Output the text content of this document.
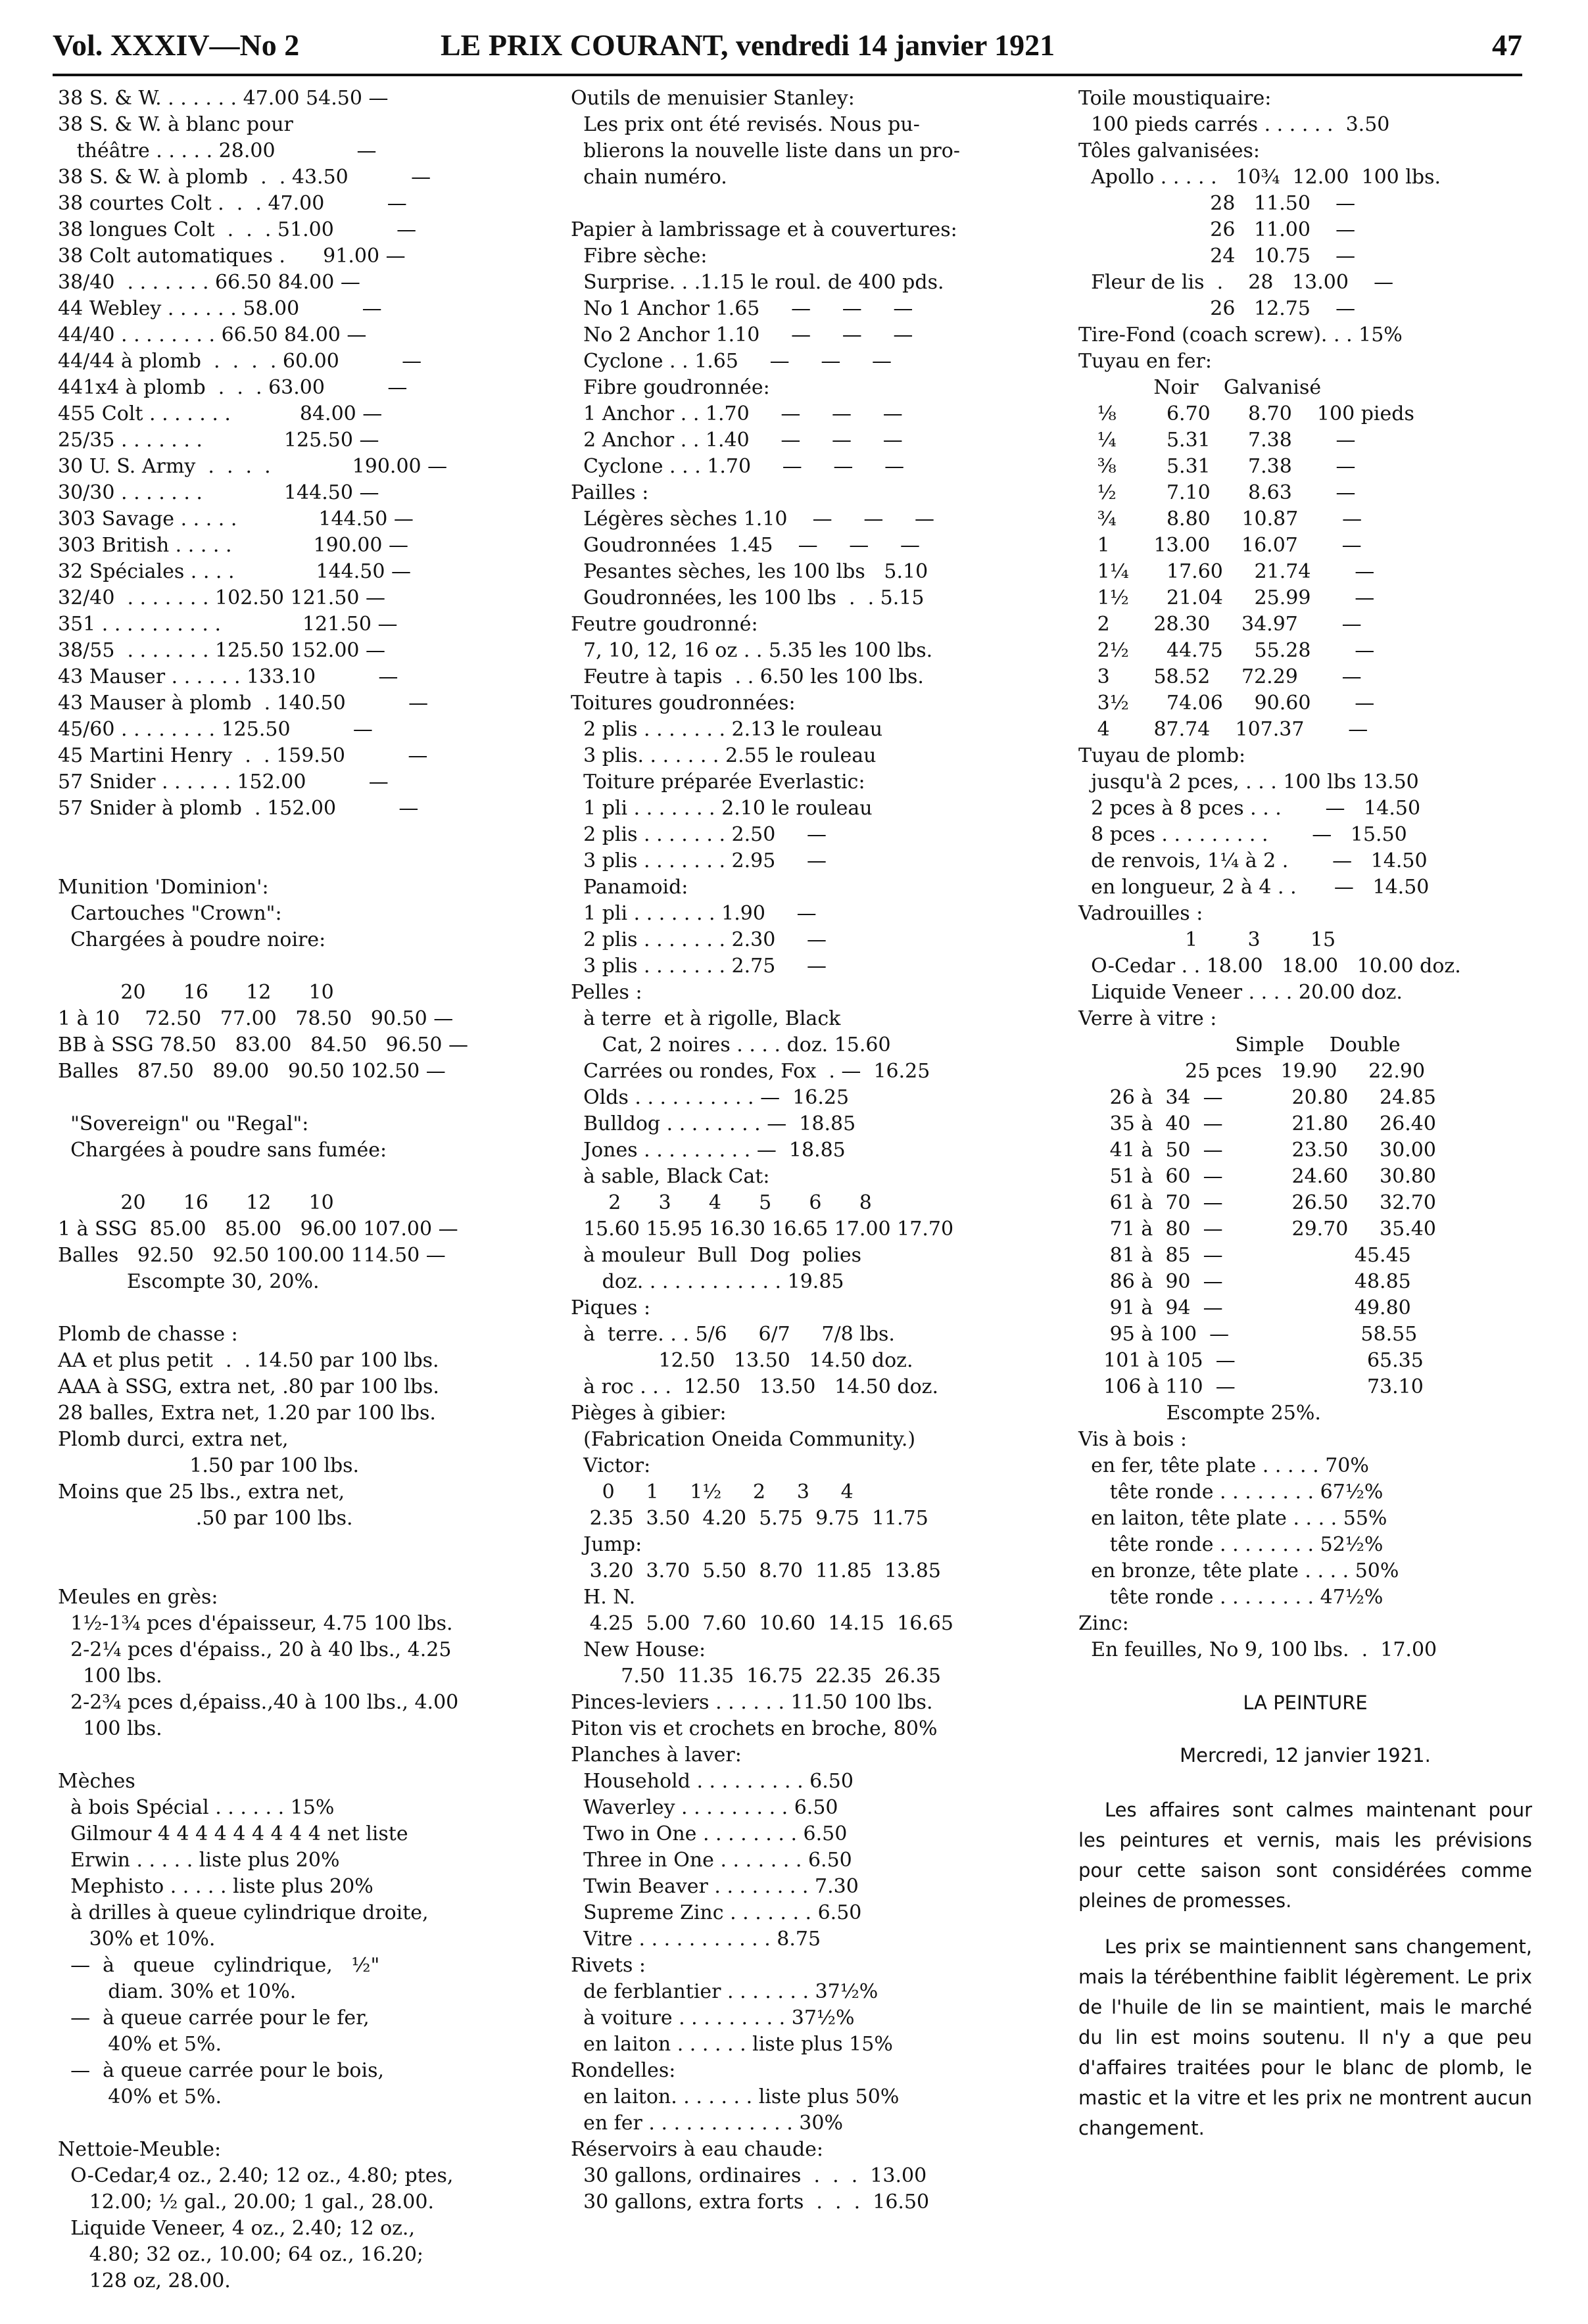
Vol. XXXIV—No 2	LE PRIX COURANT, vendredi 14 janvier 1921	47
38 S. & W. . . . . . . 47.00 54.50 —
38 S. & W. à blanc pour
théâtre . . . . . 28.00             —
38 S. & W. à plomb  .  . 43.50          —
38 courtes Colt .  .  . 47.00          —
38 longues Colt  .  .  . 51.00          —
38 Colt automatiques .      91.00 —
38/40  . . . . . . . 66.50 84.00 —
44 Webley . . . . . . 58.00          —
44/40 . . . . . . . . 66.50 84.00 —
44/44 à plomb  .  .  .  . 60.00          —
441x4 à plomb  .  .  . 63.00          —
455 Colt . . . . . . .           84.00 —
25/35 . . . . . . .             125.50 —
30 U. S. Army  .  .  .  .             190.00 —
30/30 . . . . . . .             144.50 —
303 Savage . . . . .             144.50 —
303 British . . . . .             190.00 —
32 Spéciales . . . .             144.50 —
32/40  . . . . . . . 102.50 121.50 —
351 . . . . . . . . . .             121.50 —
38/55  . . . . . . . 125.50 152.00 —
43 Mauser . . . . . . 133.10          —
43 Mauser à plomb  . 140.50          —
45/60 . . . . . . . . 125.50          —
45 Martini Henry  .  . 159.50          —
57 Snider . . . . . . 152.00          —
57 Snider à plomb  . 152.00          —
Munition 'Dominion':
Cartouches "Crown":
Chargées à poudre noire:
20      16      12      10
1 à 10    72.50   77.00   78.50   90.50 —
BB à SSG 78.50   83.00   84.50   96.50 —
Balles   87.50   89.00   90.50 102.50 —
"Sovereign" ou "Regal":
Chargées à poudre sans fumée:
20      16      12      10
1 à SSG  85.00   85.00   96.00 107.00 —
Balles   92.50   92.50 100.00 114.50 —
Escompte 30, 20%.
Plomb de chasse :
AA et plus petit  .  . 14.50 par 100 lbs.
AAA à SSG, extra net, .80 par 100 lbs.
28 balles, Extra net, 1.20 par 100 lbs.
Plomb durci, extra net,
1.50 par 100 lbs.
Moins que 25 lbs., extra net,
.50 par 100 lbs.
Meules en grès:
1½-1¾ pces d'épaisseur, 4.75 100 lbs.
2-2¼ pces d'épaiss., 20 à 40 lbs., 4.25
100 lbs.
2-2¾ pces d,épaiss.,40 à 100 lbs., 4.00
100 lbs.
Mèches
à bois Spécial . . . . . . 15%
Gilmour 4 4 4 4 4 4 4 4 4 net liste
Erwin . . . . . liste plus 20%
Mephisto . . . . . liste plus 20%
à drilles à queue cylindrique droite,
30% et 10%.
—  à   queue   cylindrique,   ½"
diam. 30% et 10%.
—  à queue carrée pour le fer,
40% et 5%.
—  à queue carrée pour le bois,
40% et 5%.
Nettoie-Meuble:
O-Cedar,4 oz., 2.40; 12 oz., 4.80; ptes,
12.00; ½ gal., 20.00; 1 gal., 28.00.
Liquide Veneer, 4 oz., 2.40; 12 oz.,
4.80; 32 oz., 10.00; 64 oz., 16.20;
128 oz, 28.00.
Outils de menuisier Stanley:
Les prix ont été revisés. Nous pu-
blierons la nouvelle liste dans un pro-
chain numéro.
Papier à lambrissage et à couvertures:
Fibre sèche:
Surprise. . .1.15 le roul. de 400 pds.
No 1 Anchor 1.65     —     —     —
No 2 Anchor 1.10     —     —     —
Cyclone . . 1.65     —     —     —
Fibre goudronnée:
1 Anchor . . 1.70     —     —     —
2 Anchor . . 1.40     —     —     —
Cyclone . . . 1.70     —     —     —
Pailles :
Légères sèches 1.10    —     —     —
Goudronnées  1.45    —     —     —
Pesantes sèches, les 100 lbs   5.10
Goudronnées, les 100 lbs  .  . 5.15
Feutre goudronné:
7, 10, 12, 16 oz . . 5.35 les 100 lbs.
Feutre à tapis  . . 6.50 les 100 lbs.
Toitures goudronnées:
2 plis . . . . . . . 2.13 le rouleau
3 plis. . . . . . . 2.55 le rouleau
Toiture préparée Everlastic:
1 pli . . . . . . . 2.10 le rouleau
2 plis . . . . . . . 2.50     —
3 plis . . . . . . . 2.95     —
Panamoid:
1 pli . . . . . . . 1.90     —
2 plis . . . . . . . 2.30     —
3 plis . . . . . . . 2.75     —
Pelles :
à terre  et à rigolle, Black
Cat, 2 noires . . . . doz. 15.60
Carrées ou rondes, Fox  . —  16.25
Olds . . . . . . . . . . —  16.25
Bulldog . . . . . . . . —  18.85
Jones . . . . . . . . . —  18.85
à sable, Black Cat:
2      3      4      5      6      8
15.60 15.95 16.30 16.65 17.00 17.70
à mouleur  Bull  Dog  polies
doz. . . . . . . . . . . . 19.85
Piques :
à  terre. . . 5/6     6/7     7/8 lbs.
12.50   13.50   14.50 doz.
à roc . . .  12.50   13.50   14.50 doz.
Pièges à gibier:
(Fabrication Oneida Community.)
Victor:
0     1     1½     2     3     4
2.35  3.50  4.20  5.75  9.75  11.75
Jump:
3.20  3.70  5.50  8.70  11.85  13.85
H. N.
4.25  5.00  7.60  10.60  14.15  16.65
New House:
7.50  11.35  16.75  22.35  26.35
Pinces-leviers . . . . . . 11.50 100 lbs.
Piton vis et crochets en broche, 80%
Planches à laver:
Household . . . . . . . . . 6.50
Waverley . . . . . . . . . 6.50
Two in One . . . . . . . . 6.50
Three in One . . . . . . . 6.50
Twin Beaver . . . . . . . . 7.30
Supreme Zinc . . . . . . . 6.50
Vitre . . . . . . . . . . . 8.75
Rivets :
de ferblantier . . . . . . . 37½%
à voiture . . . . . . . . . 37½%
en laiton . . . . . . liste plus 15%
Rondelles:
en laiton. . . . . . . liste plus 50%
en fer . . . . . . . . . . . . 30%
Réservoirs à eau chaude:
30 gallons, ordinaires  .  .  .  13.00
30 gallons, extra forts  .  .  .  16.50
Toile moustiquaire:
100 pieds carrés . . . . . .  3.50
Tôles galvanisées:
Apollo . . . . .   10¾  12.00  100 lbs.
28   11.50    —
26   11.00    —
24   10.75    —
Fleur de lis  .    28   13.00    —
26   12.75    —
Tire-Fond (coach screw). . . 15%
Tuyau en fer:
Noir    Galvanisé
⅛        6.70      8.70    100 pieds
¼        5.31      7.38       —
⅜        5.31      7.38       —
½        7.10      8.63       —
¾        8.80     10.87       —
1       13.00     16.07       —
1¼      17.60     21.74       —
1½      21.04     25.99       —
2       28.30     34.97       —
2½      44.75     55.28       —
3       58.52     72.29       —
3½      74.06     90.60       —
4       87.74    107.37       —
Tuyau de plomb:
jusqu'à 2 pces, . . . 100 lbs 13.50
2 pces à 8 pces . . .       —   14.50
8 pces . . . . . . . . .       —   15.50
de renvois, 1¼ à 2 .       —   14.50
en longueur, 2 à 4 . .      —   14.50
Vadrouilles :
1        3        15
O-Cedar . . 18.00   18.00   10.00 doz.
Liquide Veneer . . . . 20.00 doz.
Verre à vitre :
Simple    Double
25 pces   19.90     22.90
26 à  34  —           20.80     24.85
35 à  40  —           21.80     26.40
41 à  50  —           23.50     30.00
51 à  60  —           24.60     30.80
61 à  70  —           26.50     32.70
71 à  80  —           29.70     35.40
81 à  85  —                     45.45
86 à  90  —                     48.85
91 à  94  —                     49.80
95 à 100  —                     58.55
101 à 105  —                     65.35
106 à 110  —                     73.10
Escompte 25%.
Vis à bois :
en fer, tête plate . . . . . 70%
tête ronde . . . . . . . . 67½%
en laiton, tête plate . . . . 55%
tête ronde . . . . . . . . 52½%
en bronze, tête plate . . . . 50%
tête ronde . . . . . . . . 47½%
Zinc:
En feuilles, No 9, 100 lbs.  .  17.00
LA PEINTURE
Mercredi, 12 janvier 1921.
Les affaires sont calmes maintenant pour les peintures et vernis, mais les prévisions pour cette saison sont considérées comme pleines de promesses.
Les prix se maintiennent sans changement, mais la térébenthine faiblit légèrement. Le prix de l'huile de lin se maintient, mais le marché du lin est moins soutenu. Il n'y a que peu d'affaires traitées pour le blanc de plomb, le mastic et la vitre et les prix ne montrent aucun changement.
